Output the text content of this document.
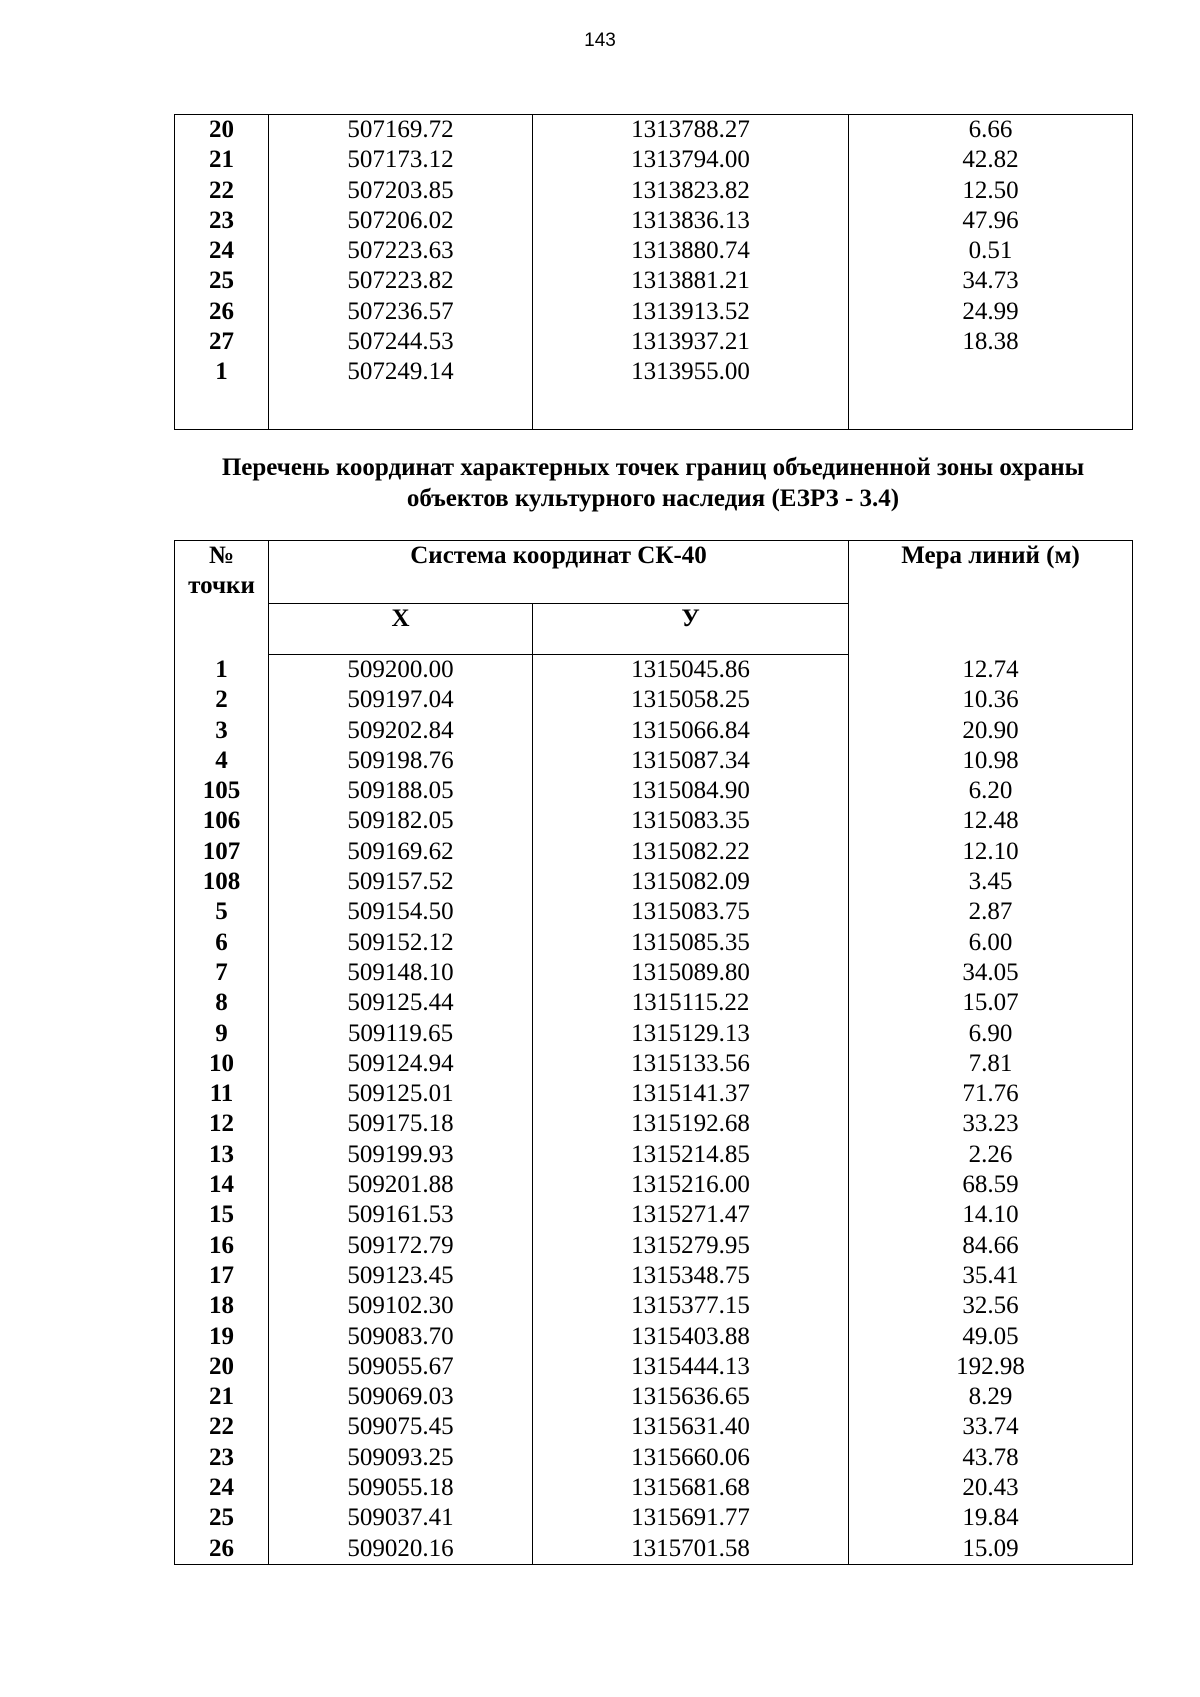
143
20	507169.72	1313788.27	6.66
21	507173.12	1313794.00	42.82
22	507203.85	1313823.82	12.50
23	507206.02	1313836.13	47.96
24	507223.63	1313880.74	0.51
25	507223.82	1313881.21	34.73
26	507236.57	1313913.52	24.99
27	507244.53	1313937.21	18.38
1	507249.14	1313955.00	

Перечень координат характерных точек границ объединенной зоны охраны
объектов культурного наследия (ЕЗРЗ - 3.4)
№
точки	Система координат СК-40		Мера линий (м)
	Х	У	
1	509200.00	1315045.86	12.74
2	509197.04	1315058.25	10.36
3	509202.84	1315066.84	20.90
4	509198.76	1315087.34	10.98
105	509188.05	1315084.90	6.20
106	509182.05	1315083.35	12.48
107	509169.62	1315082.22	12.10
108	509157.52	1315082.09	3.45
5	509154.50	1315083.75	2.87
6	509152.12	1315085.35	6.00
7	509148.10	1315089.80	34.05
8	509125.44	1315115.22	15.07
9	509119.65	1315129.13	6.90
10	509124.94	1315133.56	7.81
11	509125.01	1315141.37	71.76
12	509175.18	1315192.68	33.23
13	509199.93	1315214.85	2.26
14	509201.88	1315216.00	68.59
15	509161.53	1315271.47	14.10
16	509172.79	1315279.95	84.66
17	509123.45	1315348.75	35.41
18	509102.30	1315377.15	32.56
19	509083.70	1315403.88	49.05
20	509055.67	1315444.13	192.98
21	509069.03	1315636.65	8.29
22	509075.45	1315631.40	33.74
23	509093.25	1315660.06	43.78
24	509055.18	1315681.68	20.43
25	509037.41	1315691.77	19.84
26	509020.16	1315701.58	15.09
